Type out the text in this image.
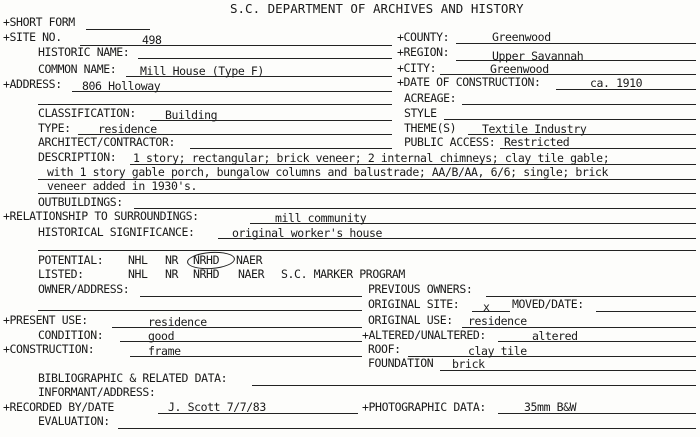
S.C. DEPARTMENT OF ARCHIVES AND HISTORY
+SHORT FORM
+SITE NO.	498	+COUNTY:	Greenwood
HISTORIC NAME:	+REGION:	Upper Savannah
COMMON NAME: Mill House (Type F)	+CITY:	Greenwood
+ADDRESS: 806 Holloway	+DATE OF CONSTRUCTION:	ca. 1910
ACREAGE:
CLASSIFICATION:	Building	STYLE
TYPE: residence	THEME(S) Textile Industry
ARCHITECT/CONTRACTOR:	PUBLIC ACCESS: Restricted
DESCRIPTION: 1 story; rectangular; brick veneer; 2 internal chimneys; clay tile gable;
with 1 story gable porch, bungalow columns and balustrade; AA/B/AA, 6/6; single; brick
veneer added in 1930's.
OUTBUILDINGS:
+RELATIONSHIP TO SURROUNDINGS:	mill community
HISTORICAL SIGNIFICANCE:	original worker's house
POTENTIAL: NHL NR NRHD NAER
LISTED:	NHL NR NRHD NAER S.C. MARKER PROGRAM
OWNER/ADDRESS:	PREVIOUS OWNERS:
ORIGINAL SITE: x MOVED/DATE:
+PRESENT USE:	residence	ORIGINAL USE: residence
CONDITION:	good	+ALTERED/UNALTERED:	altered
+CONSTRUCTION:	frame	ROOF:	clay tile
FOUNDATION brick
BIBLIOGRAPHIC & RELATED DATA:
INFORMANT/ADDRESS:
+RECORDED BY/DATE	J. Scott 7/7/83	+PHOTOGRAPHIC DATA:	35mm B&W
EVALUATION:
